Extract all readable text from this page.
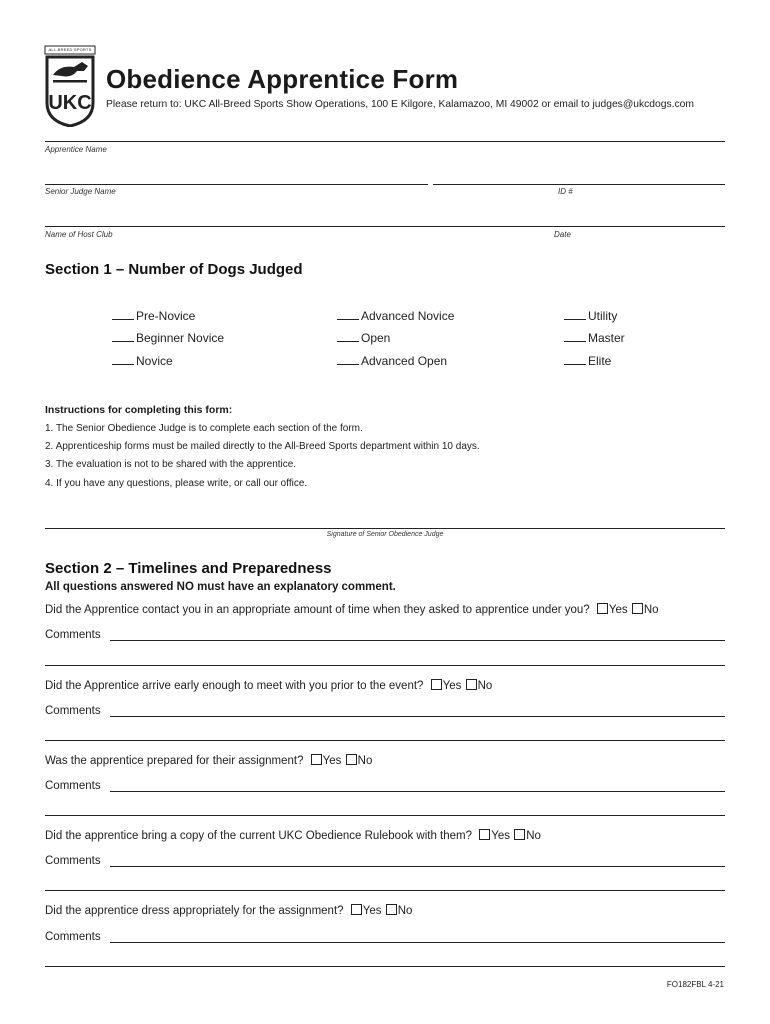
UKC
ALL-BREED SPORTS
Obedience Apprentice Form
Please return to: UKC All-Breed Sports Show Operations, 100 E Kilgore, Kalamazoo, MI 49002 or email to judges@ukcdogs.com
Apprentice Name
Senior Judge Name	ID #
Name of Host Club	Date
Section 1 – Number of Dogs Judged
Pre-Novice
Beginner Novice
Novice
Advanced Novice
Open
Advanced Open
Utility
Master
Elite
Instructions for completing this form:
1. The Senior Obedience Judge is to complete each section of the form.
2. Apprenticeship forms must be mailed directly to the All-Breed Sports department within 10 days.
3. The evaluation is not to be shared with the apprentice.
4. If you have any questions, please write, or call our office.
Signature of Senior Obedience Judge
Section 2 – Timelines and Preparedness
All questions answered NO must have an explanatory comment.
Did the Apprentice contact you in an appropriate amount of time when they asked to apprentice under you? Yes No
Comments
Did the Apprentice arrive early enough to meet with you prior to the event? Yes No
Comments
Was the apprentice prepared for their assignment? Yes No
Comments
Did the apprentice bring a copy of the current UKC Obedience Rulebook with them? Yes No
Comments
Did the apprentice dress appropriately for the assignment? Yes No
Comments
FO182FBL 4-21
